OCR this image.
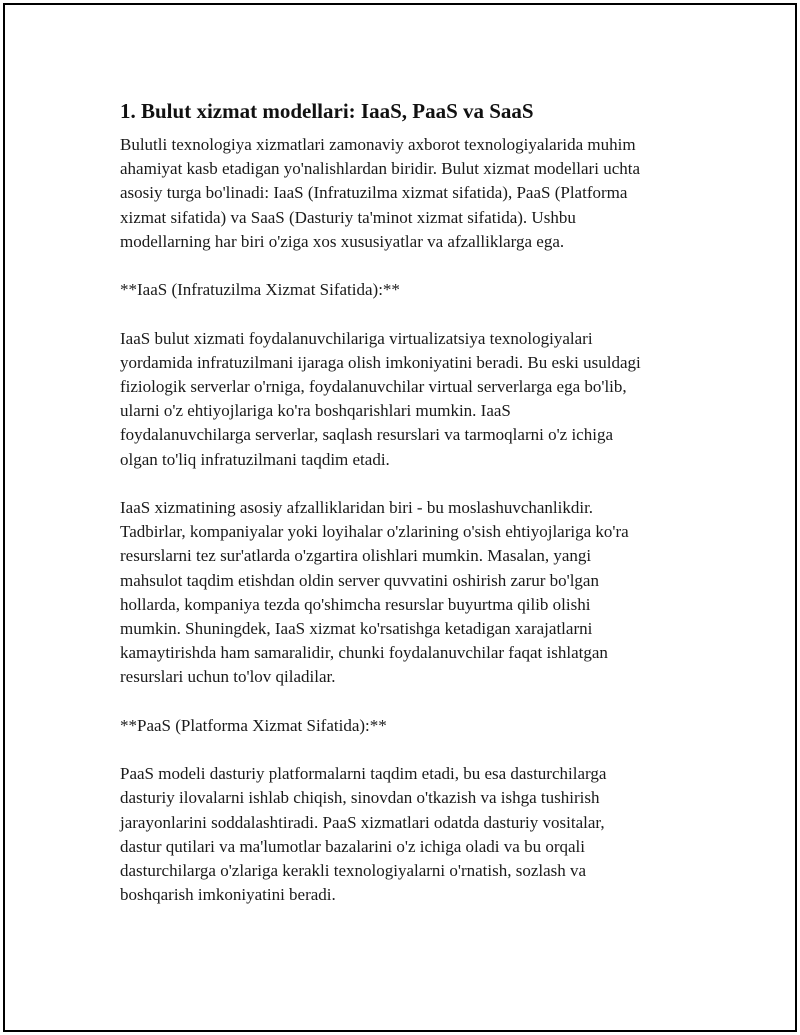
1. Bulut xizmat modellari: IaaS, PaaS va SaaS

Bulutli texnologiya xizmatlari zamonaviy axborot texnologiyalarida muhim
ahamiyat kasb etadigan yo'nalishlardan biridir. Bulut xizmat modellari uchta
asosiy turga bo'linadi: IaaS (Infratuzilma xizmat sifatida), PaaS (Platforma
xizmat sifatida) va SaaS (Dasturiy ta'minot xizmat sifatida). Ushbu
modellarning har biri o'ziga xos xususiyatlar va afzalliklarga ega.

**IaaS (Infratuzilma Xizmat Sifatida):**

IaaS bulut xizmati foydalanuvchilariga virtualizatsiya texnologiyalari
yordamida infratuzilmani ijaraga olish imkoniyatini beradi. Bu eski usuldagi
fiziologik serverlar o'rniga, foydalanuvchilar virtual serverlarga ega bo'lib,
ularni o'z ehtiyojlariga ko'ra boshqarishlari mumkin. IaaS
foydalanuvchilarga serverlar, saqlash resurslari va tarmoqlarni o'z ichiga
olgan to'liq infratuzilmani taqdim etadi.

IaaS xizmatining asosiy afzalliklaridan biri - bu moslashuvchanlikdir.
Tadbirlar, kompaniyalar yoki loyihalar o'zlarining o'sish ehtiyojlariga ko'ra
resurslarni tez sur'atlarda o'zgartira olishlari mumkin. Masalan, yangi
mahsulot taqdim etishdan oldin server quvvatini oshirish zarur bo'lgan
hollarda, kompaniya tezda qo'shimcha resurslar buyurtma qilib olishi
mumkin. Shuningdek, IaaS xizmat ko'rsatishga ketadigan xarajatlarni
kamaytirishda ham samaralidir, chunki foydalanuvchilar faqat ishlatgan
resurslari uchun to'lov qiladilar.

**PaaS (Platforma Xizmat Sifatida):**

PaaS modeli dasturiy platformalarni taqdim etadi, bu esa dasturchilarga
dasturiy ilovalarni ishlab chiqish, sinovdan o'tkazish va ishga tushirish
jarayonlarini soddalashtiradi. PaaS xizmatlari odatda dasturiy vositalar,
dastur qutilari va ma'lumotlar bazalarini o'z ichiga oladi va bu orqali
dasturchilarga o'zlariga kerakli texnologiyalarni o'rnatish, sozlash va
boshqarish imkoniyatini beradi.
